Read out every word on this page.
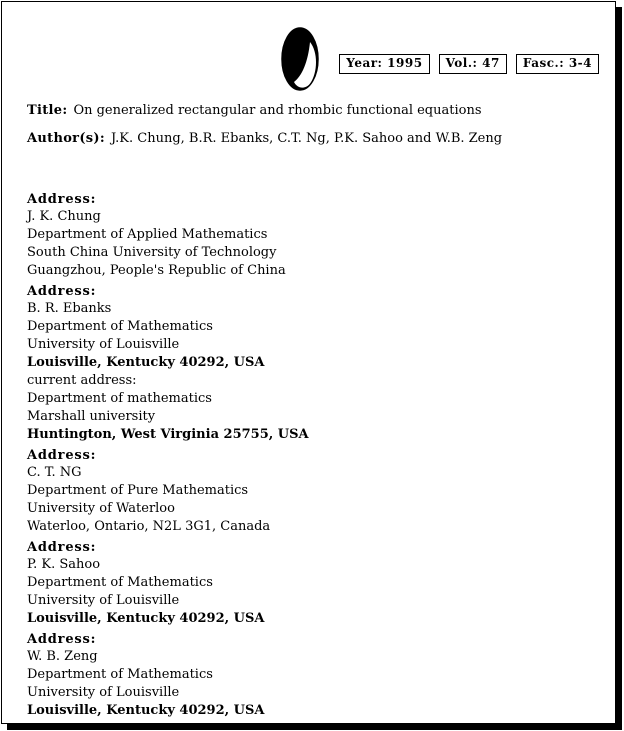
Year: 1995	Vol.: 47	Fasc.: 3-4
Title: On generalized rectangular and rhombic functional equations
Author(s): J.K. Chung, B.R. Ebanks, C.T. Ng, P.K. Sahoo and W.B. Zeng
Address:
J. K. Chung
Department of Applied Mathematics
South China University of Technology
Guangzhou, People's Republic of China
Address:
B. R. Ebanks
Department of Mathematics
University of Louisville
Louisville, Kentucky 40292, USA
current address:
Department of mathematics
Marshall university
Huntington, West Virginia 25755, USA
Address:
C. T. NG
Department of Pure Mathematics
University of Waterloo
Waterloo, Ontario, N2L 3G1, Canada
Address:
P. K. Sahoo
Department of Mathematics
University of Louisville
Louisville, Kentucky 40292, USA
Address:
W. B. Zeng
Department of Mathematics
University of Louisville
Louisville, Kentucky 40292, USA
